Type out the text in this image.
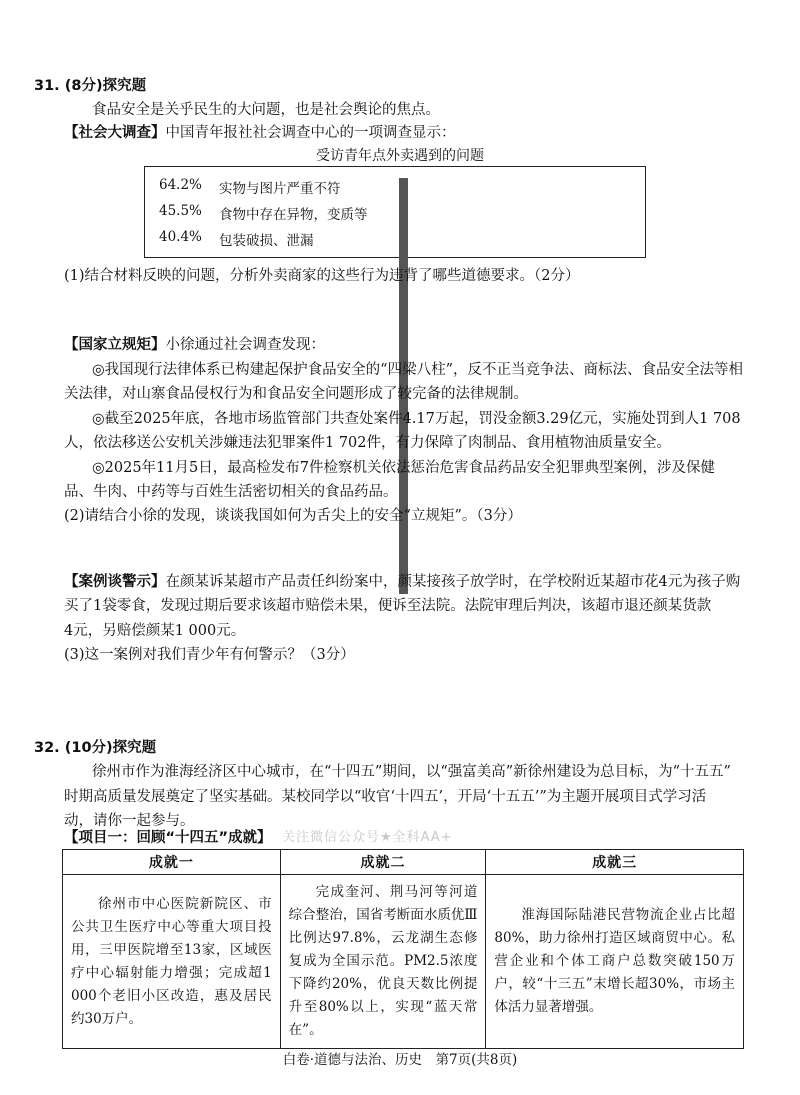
31. (8分)探究题
食品安全是关乎民生的大问题，也是社会舆论的焦点。
【社会大调查】中国青年报社社会调查中心的一项调查显示：
受访青年点外卖遇到的问题
64.2%	实物与图片严重不符
45.5%	食物中存在异物，变质等
40.4%	包装破损、泄漏
(1)结合材料反映的问题，分析外卖商家的这些行为违背了哪些道德要求。（2分）
【国家立规矩】小徐通过社会调查发现：
◎我国现行法律体系已构建起保护食品安全的“四梁八柱”，反不正当竞争法、商标法、食品安全法等相
关法律，对山寨食品侵权行为和食品安全问题形成了较完备的法律规制。
◎截至2025年底，各地市场监管部门共查处案件4.17万起，罚没金额3.29亿元，实施处罚到人1 708
人，依法移送公安机关涉嫌违法犯罪案件1 702件，有力保障了肉制品、食用植物油质量安全。
◎2025年11月5日，最高检发布7件检察机关依法惩治危害食品药品安全犯罪典型案例，涉及保健
品、牛肉、中药等与百姓生活密切相关的食品药品。
(2)请结合小徐的发现，谈谈我国如何为舌尖上的安全“立规矩”。（3分）
【案例谈警示】在颜某诉某超市产品责任纠纷案中，颜某接孩子放学时，在学校附近某超市花4元为孩子购
买了1袋零食，发现过期后要求该超市赔偿未果，便诉至法院。法院审理后判决，该超市退还颜某货款
4元，另赔偿颜某1 000元。
(3)这一案例对我们青少年有何警示？（3分）
32. (10分)探究题
徐州市作为淮海经济区中心城市，在“十四五”期间，以“强富美高”新徐州建设为总目标，为“十五五”
时期高质量发展奠定了坚实基础。某校同学以“收官‘十四五’，开局‘十五五’”为主题开展项目式学习活
动，请你一起参与。
【项目一：回顾“十四五”成就】 关注微信公众号★全科AA+
成就一	成就二	成就三
徐州市中心医院新院区、市公共卫生医疗中心等重大项目投用，三甲医院增至13家，区域医疗中心辐射能力增强；完成超1 000个老旧小区改造，惠及居民约30万户。	完成奎河、荆马河等河道综合整治，国省考断面水质优Ⅲ比例达97.8%，云龙湖生态修复成为全国示范。PM2.5浓度下降约20%，优良天数比例提升至80%以上，实现“蓝天常在”。	淮海国际陆港民营物流企业占比超80%，助力徐州打造区域商贸中心。私营企业和个体工商户总数突破150万户，较“十三五”末增长超30%，市场主体活力显著增强。
白卷·道德与法治、历史　第7页(共8页)
